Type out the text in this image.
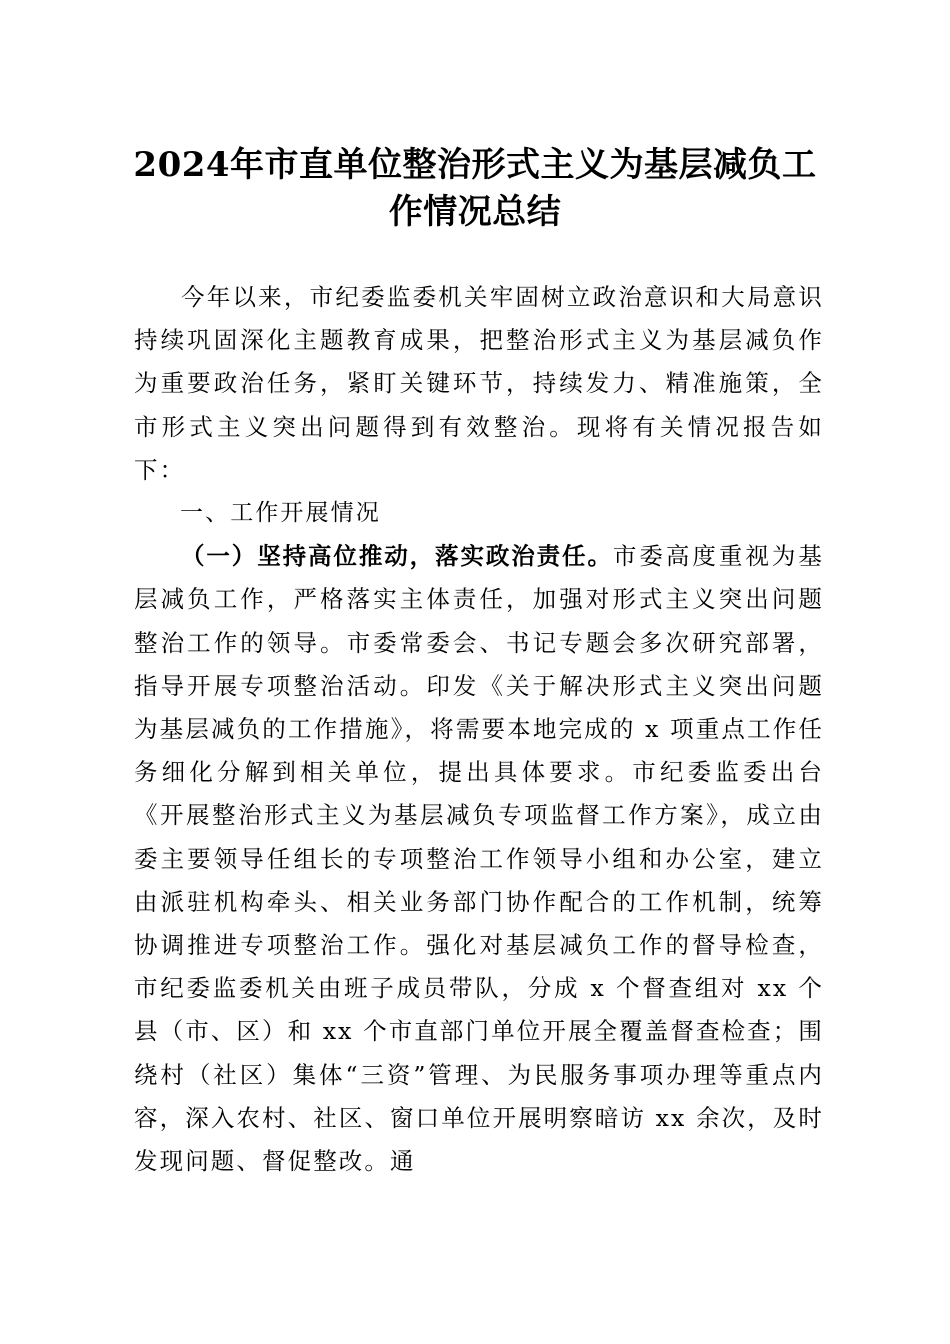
2024年市直单位整治形式主义为基层减负工
作情况总结

今年以来，市纪委监委机关牢固树立政治意识和大局意识持续巩固深化主题教育成果，把整治形式主义为基层减负作为重要政治任务，紧盯关键环节，持续发力、精准施策，全市形式主义突出问题得到有效整治。现将有关情况报告如下：

一、工作开展情况

（一）坚持高位推动，落实政治责任。市委高度重视为基层减负工作，严格落实主体责任，加强对形式主义突出问题整治工作的领导。市委常委会、书记专题会多次研究部署，指导开展专项整治活动。印发《关于解决形式主义突出问题为基层减负的工作措施》，将需要本地完成的 x 项重点工作任务细化分解到相关单位，提出具体要求。市纪委监委出台《开展整治形式主义为基层减负专项监督工作方案》，成立由委主要领导任组长的专项整治工作领导小组和办公室，建立由派驻机构牵头、相关业务部门协作配合的工作机制，统筹协调推进专项整治工作。强化对基层减负工作的督导检查，市纪委监委机关由班子成员带队，分成 x 个督查组对 xx 个县（市、区）和 xx 个市直部门单位开展全覆盖督查检查；围绕村（社区）集体“三资”管理、为民服务事项办理等重点内容，深入农村、社区、窗口单位开展明察暗访 xx 余次，及时发现问题、督促整改。通
